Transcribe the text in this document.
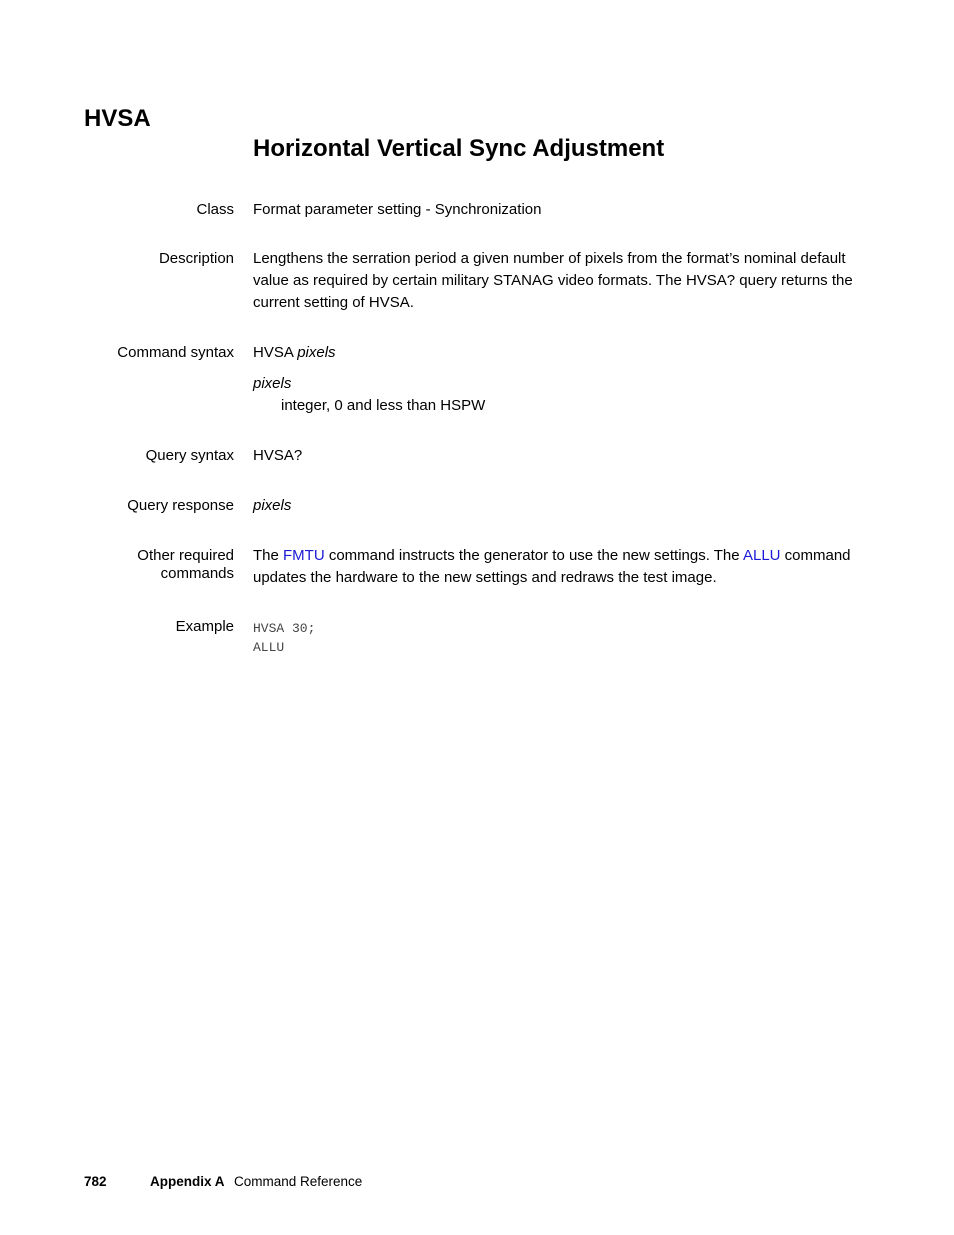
HVSA
Horizontal Vertical Sync Adjustment
Class Format parameter setting - Synchronization
Description Lengthens the serration period a given number of pixels from the format’s nominal default value as required by certain military STANAG video formats. The HVSA? query returns the current setting of HVSA.
Command syntax HVSA pixels
pixels
integer, 0 and less than HSPW
Query syntax HVSA?
Query response pixels
Other required
commands
The FMTU command instructs the generator to use the new settings. The ALLU command updates the hardware to the new settings and redraws the test image.
Example HVSA 30;
ALLU
782	Appendix A Command Reference
